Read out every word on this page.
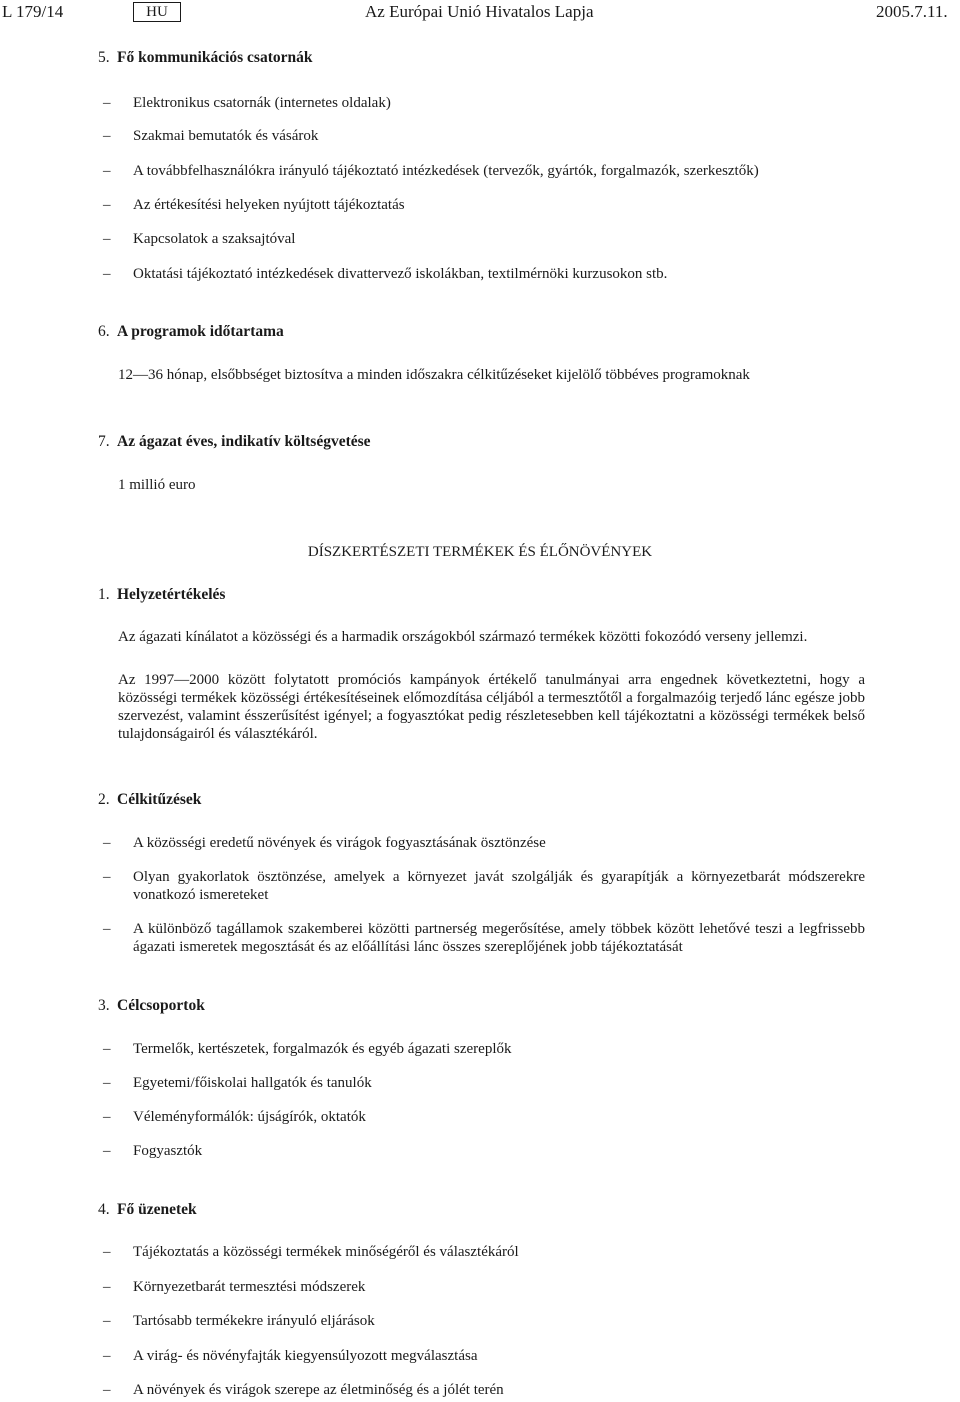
L 179/14	HU	Az Európai Unió Hivatalos Lapja	2005.7.11.
5. Fő kommunikációs csatornák
– Elektronikus csatornák (internetes oldalak)
– Szakmai bemutatók és vásárok
– A továbbfelhasználókra irányuló tájékoztató intézkedések (tervezők, gyártók, forgalmazók, szerkesztők)
– Az értékesítési helyeken nyújtott tájékoztatás
– Kapcsolatok a szaksajtóval
– Oktatási tájékoztató intézkedések divattervező iskolákban, textilmérnöki kurzusokon stb.
6. A programok időtartama
12—36 hónap, elsőbbséget biztosítva a minden időszakra célkitűzéseket kijelölő többéves programoknak
7. Az ágazat éves, indikatív költségvetése
1 millió euro
DÍSZKERTÉSZETI TERMÉKEK ÉS ÉLŐNÖVÉNYEK
1. Helyzetértékelés
Az ágazati kínálatot a közösségi és a harmadik országokból származó termékek közötti fokozódó verseny jellemzi.
Az 1997—2000 között folytatott promóciós kampányok értékelő tanulmányai arra engednek következtetni, hogy a közösségi termékek közösségi értékesítéseinek előmozdítása céljából a termesztőtől a forgalmazóig terjedő lánc egésze jobb szervezést, valamint ésszerűsítést igényel; a fogyasztókat pedig részletesebben kell tájékoztatni a közösségi termékek belső tulajdonságairól és választékáról.
2. Célkitűzések
– A közösségi eredetű növények és virágok fogyasztásának ösztönzése
– Olyan gyakorlatok ösztönzése, amelyek a környezet javát szolgálják és gyarapítják a környezetbarát módszerekre vonatkozó ismereteket
– A különböző tagállamok szakemberei közötti partnerség megerősítése, amely többek között lehetővé teszi a legfrissebb ágazati ismeretek megosztását és az előállítási lánc összes szereplőjének jobb tájékoztatását
3. Célcsoportok
– Termelők, kertészetek, forgalmazók és egyéb ágazati szereplők
– Egyetemi/főiskolai hallgatók és tanulók
– Véleményformálók: újságírók, oktatók
– Fogyasztók
4. Fő üzenetek
– Tájékoztatás a közösségi termékek minőségéről és választékáról
– Környezetbarát termesztési módszerek
– Tartósabb termékekre irányuló eljárások
– A virág- és növényfajták kiegyensúlyozott megválasztása
– A növények és virágok szerepe az életminőség és a jólét terén
